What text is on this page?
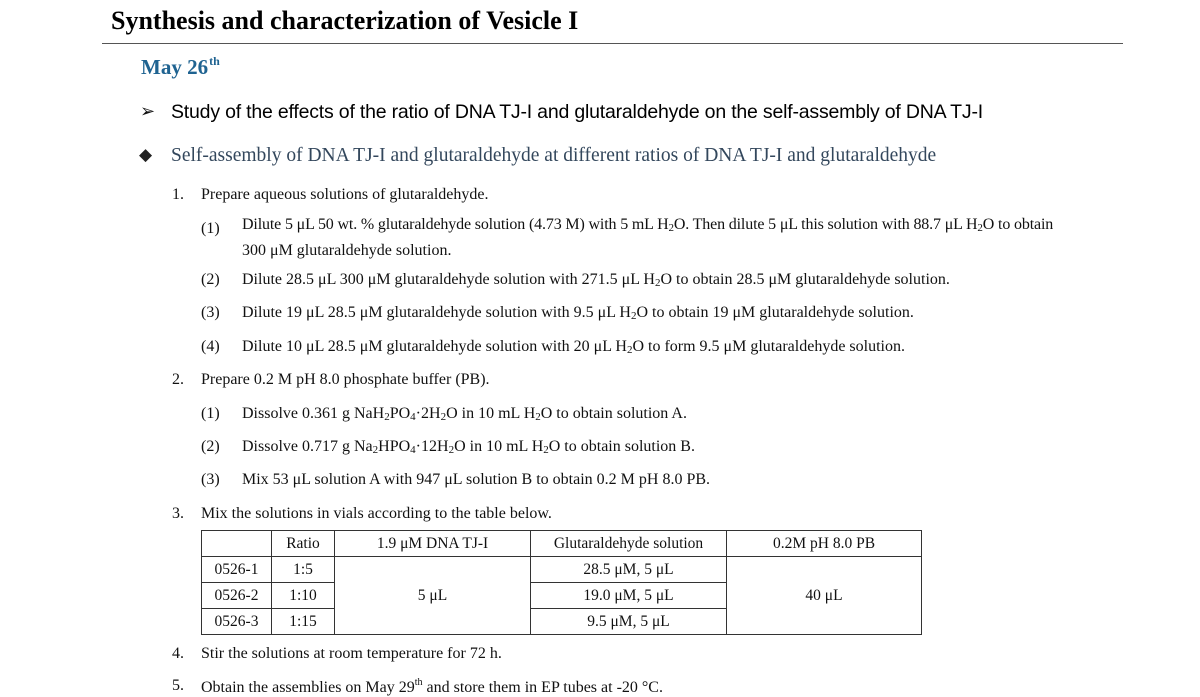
Synthesis and characterization of Vesicle I
May 26th
➢ Study of the effects of the ratio of DNA TJ-I and glutaraldehyde on the self-assembly of DNA TJ-I
◆ Self-assembly of DNA TJ-I and glutaraldehyde at different ratios of DNA TJ-I and glutaraldehyde
1. Prepare aqueous solutions of glutaraldehyde.
(1) Dilute 5 μL 50 wt. % glutaraldehyde solution (4.73 M) with 5 mL $H_2O$. Then dilute 5 μL this solution with 88.7 μL $H_2O$ to obtain
300 μM glutaraldehyde solution.
(2) Dilute 28.5 μL 300 μM glutaraldehyde solution with 271.5 μL $H_2O$ to obtain 28.5 μM glutaraldehyde solution.
(3) Dilute 19 μL 28.5 μM glutaraldehyde solution with 9.5 μL $H_2O$ to obtain 19 μM glutaraldehyde solution.
(4) Dilute 10 μL 28.5 μM glutaraldehyde solution with 20 μL $H_2O$ to form 9.5 μM glutaraldehyde solution.
2. Prepare 0.2 M pH 8.0 phosphate buffer (PB).
(1) Dissolve 0.361 g $NaH_2PO_4\cdot 2H_2O$ in 10 mL $H_2O$ to obtain solution A.
(2) Dissolve 0.717 g $Na_2HPO_4\cdot 12H_2O$ in 10 mL $H_2O$ to obtain solution B.
(3) Mix 53 μL solution A with 947 μL solution B to obtain 0.2 M pH 8.0 PB.
3. Mix the solutions in vials according to the table below.
	Ratio	1.9 μM DNA TJ-I	Glutaraldehyde solution	0.2M pH 8.0 PB
0526-1	1:5	5 μL	28.5 μM, 5 μL	40 μL
0526-2	1:10		19.0 μM, 5 μL	
0526-3	1:15		9.5 μM, 5 μL	
4. Stir the solutions at room temperature for 72 h.
5. Obtain the assemblies on May 29th and store them in EP tubes at -20 °C.
